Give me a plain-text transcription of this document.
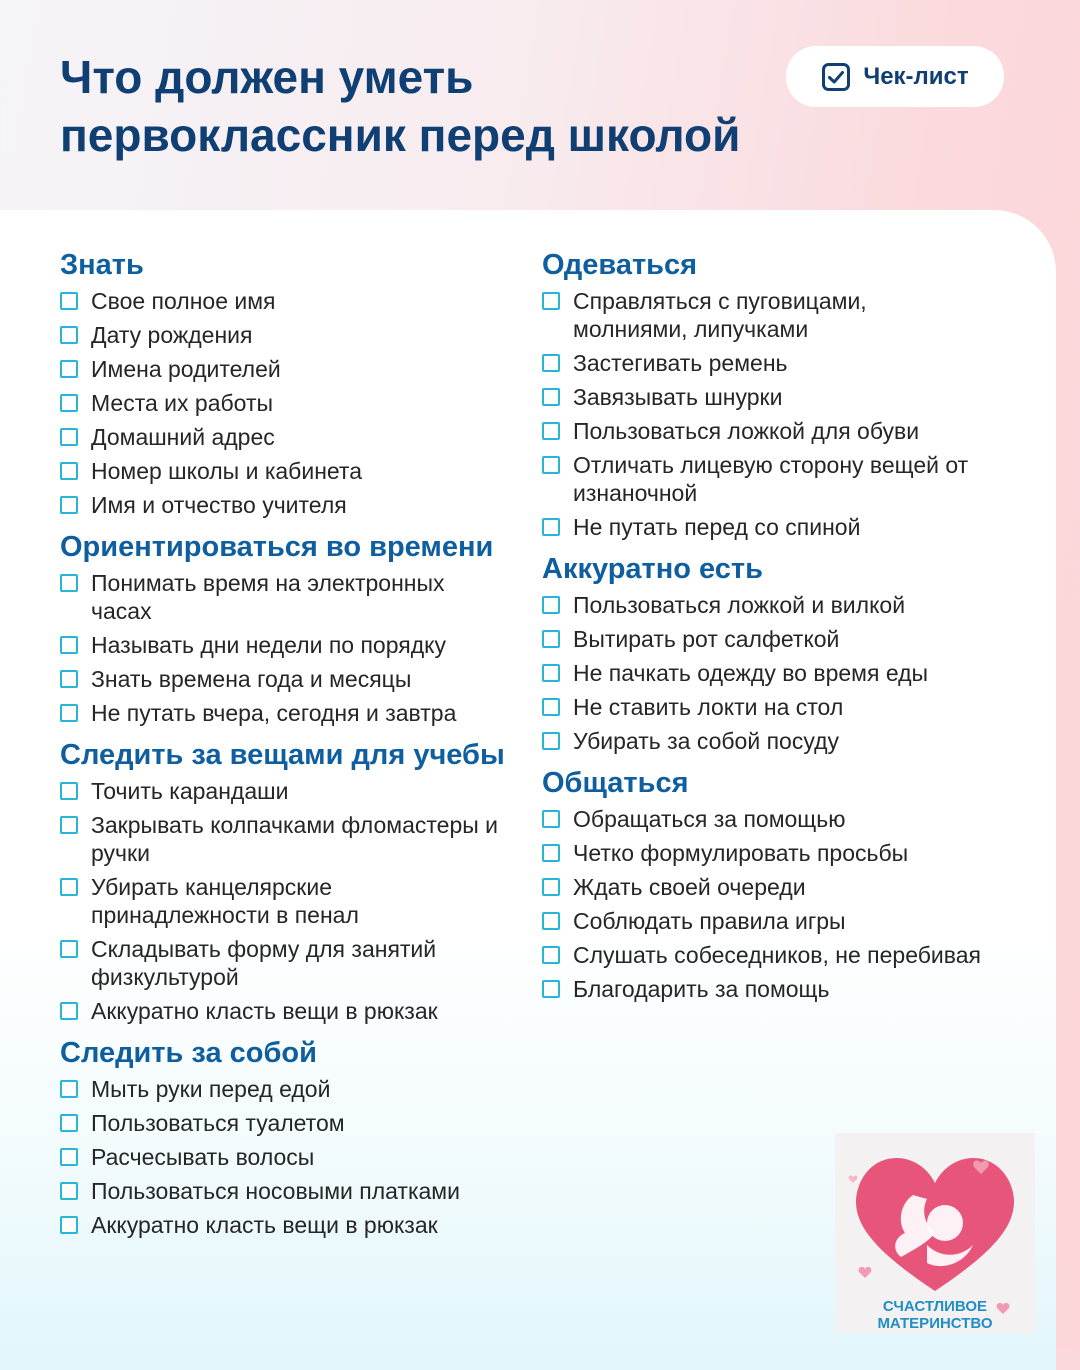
Что должен уметь
первоклассник перед школой
Чек-лист
Знать
Свое полное имя
Дату рождения
Имена родителей
Места их работы
Домашний адрес
Номер школы и кабинета
Имя и отчество учителя
Ориентироваться во времени
Понимать время на электронных часах
Называть дни недели по порядку
Знать времена года и месяцы
Не путать вчера, сегодня и завтра
Следить за вещами для учебы
Точить карандаши
Закрывать колпачками фломастеры и ручки
Убирать канцелярские принадлежности в пенал
Складывать форму для занятий физкультурой
Аккуратно класть вещи в рюкзак
Следить за собой
Мыть руки перед едой
Пользоваться туалетом
Расчесывать волосы
Пользоваться носовыми платками
Аккуратно класть вещи в рюкзак
Одеваться
Справляться с пуговицами, молниями, липучками
Застегивать ремень
Завязывать шнурки
Пользоваться ложкой для обуви
Отличать лицевую сторону вещей от изнаночной
Не путать перед со спиной
Аккуратно есть
Пользоваться ложкой и вилкой
Вытирать рот салфеткой
Не пачкать одежду во время еды
Не ставить локти на стол
Убирать за собой посуду
Общаться
Обращаться за помощью
Четко формулировать просьбы
Ждать своей очереди
Соблюдать правила игры
Слушать собеседников, не перебивая
Благодарить за помощь
СЧАСТЛИВОЕ
МАТЕРИНСТВО
